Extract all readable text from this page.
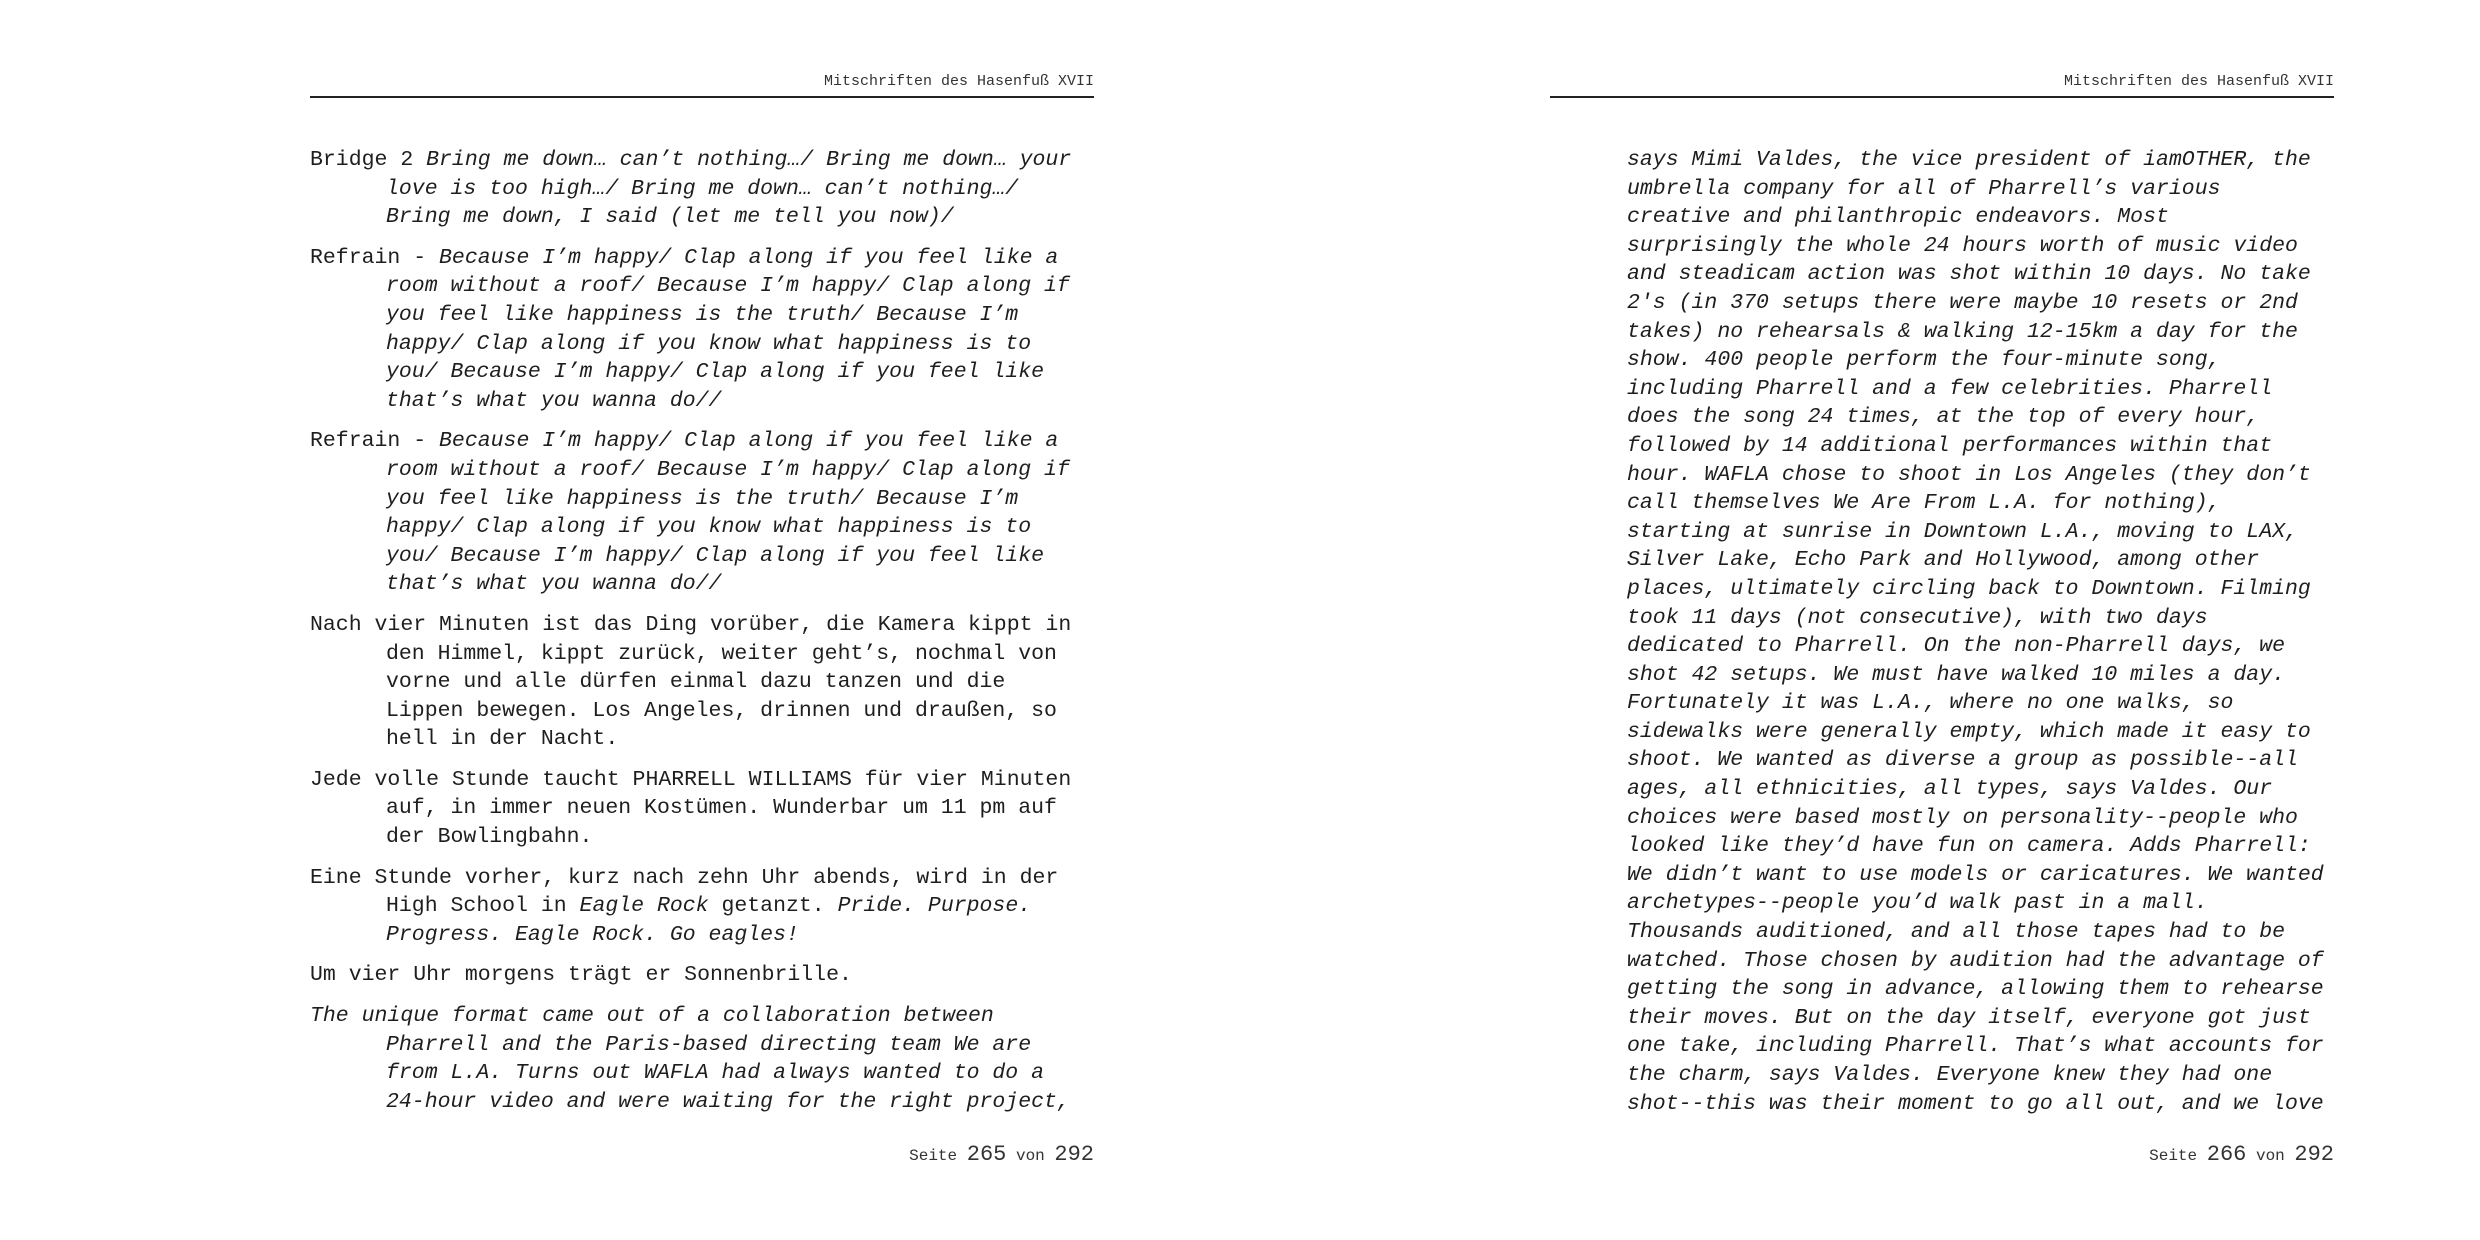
Mitschriften des Hasenfuß XVII

Bridge 2 Bring me down… can’t nothing…/ Bring me down… your
love is too high…/ Bring me down… can’t nothing…/
Bring me down, I said (let me tell you now)/

Refrain - Because I’m happy/ Clap along if you feel like a
room without a roof/ Because I’m happy/ Clap along if
you feel like happiness is the truth/ Because I’m
happy/ Clap along if you know what happiness is to
you/ Because I’m happy/ Clap along if you feel like
that’s what you wanna do//

Refrain - Because I’m happy/ Clap along if you feel like a
room without a roof/ Because I’m happy/ Clap along if
you feel like happiness is the truth/ Because I’m
happy/ Clap along if you know what happiness is to
you/ Because I’m happy/ Clap along if you feel like
that’s what you wanna do//

Nach vier Minuten ist das Ding vorüber, die Kamera kippt in
den Himmel, kippt zurück, weiter geht’s, nochmal von
vorne und alle dürfen einmal dazu tanzen und die
Lippen bewegen. Los Angeles, drinnen und draußen, so
hell in der Nacht.

Jede volle Stunde taucht PHARRELL WILLIAMS für vier Minuten
auf, in immer neuen Kostümen. Wunderbar um 11 pm auf
der Bowlingbahn.

Eine Stunde vorher, kurz nach zehn Uhr abends, wird in der
High School in Eagle Rock getanzt. Pride. Purpose.
Progress. Eagle Rock. Go eagles!

Um vier Uhr morgens trägt er Sonnenbrille.

The unique format came out of a collaboration between
Pharrell and the Paris-based directing team We are
from L.A. Turns out WAFLA had always wanted to do a
24-hour video and were waiting for the right project,

Seite 265 von 292
Mitschriften des Hasenfuß XVII

says Mimi Valdes, the vice president of iamOTHER, the
umbrella company for all of Pharrell’s various
creative and philanthropic endeavors. Most
surprisingly the whole 24 hours worth of music video
and steadicam action was shot within 10 days. No take
2's (in 370 setups there were maybe 10 resets or 2nd
takes) no rehearsals & walking 12-15km a day for the
show. 400 people perform the four-minute song,
including Pharrell and a few celebrities. Pharrell
does the song 24 times, at the top of every hour,
followed by 14 additional performances within that
hour. WAFLA chose to shoot in Los Angeles (they don’t
call themselves We Are From L.A. for nothing),
starting at sunrise in Downtown L.A., moving to LAX,
Silver Lake, Echo Park and Hollywood, among other
places, ultimately circling back to Downtown. Filming
took 11 days (not consecutive), with two days
dedicated to Pharrell. On the non-Pharrell days, we
shot 42 setups. We must have walked 10 miles a day.
Fortunately it was L.A., where no one walks, so
sidewalks were generally empty, which made it easy to
shoot. We wanted as diverse a group as possible--all
ages, all ethnicities, all types, says Valdes. Our
choices were based mostly on personality--people who
looked like they’d have fun on camera. Adds Pharrell:
We didn’t want to use models or caricatures. We wanted
archetypes--people you’d walk past in a mall.
Thousands auditioned, and all those tapes had to be
watched. Those chosen by audition had the advantage of
getting the song in advance, allowing them to rehearse
their moves. But on the day itself, everyone got just
one take, including Pharrell. That’s what accounts for
the charm, says Valdes. Everyone knew they had one
shot--this was their moment to go all out, and we love

Seite 266 von 292
